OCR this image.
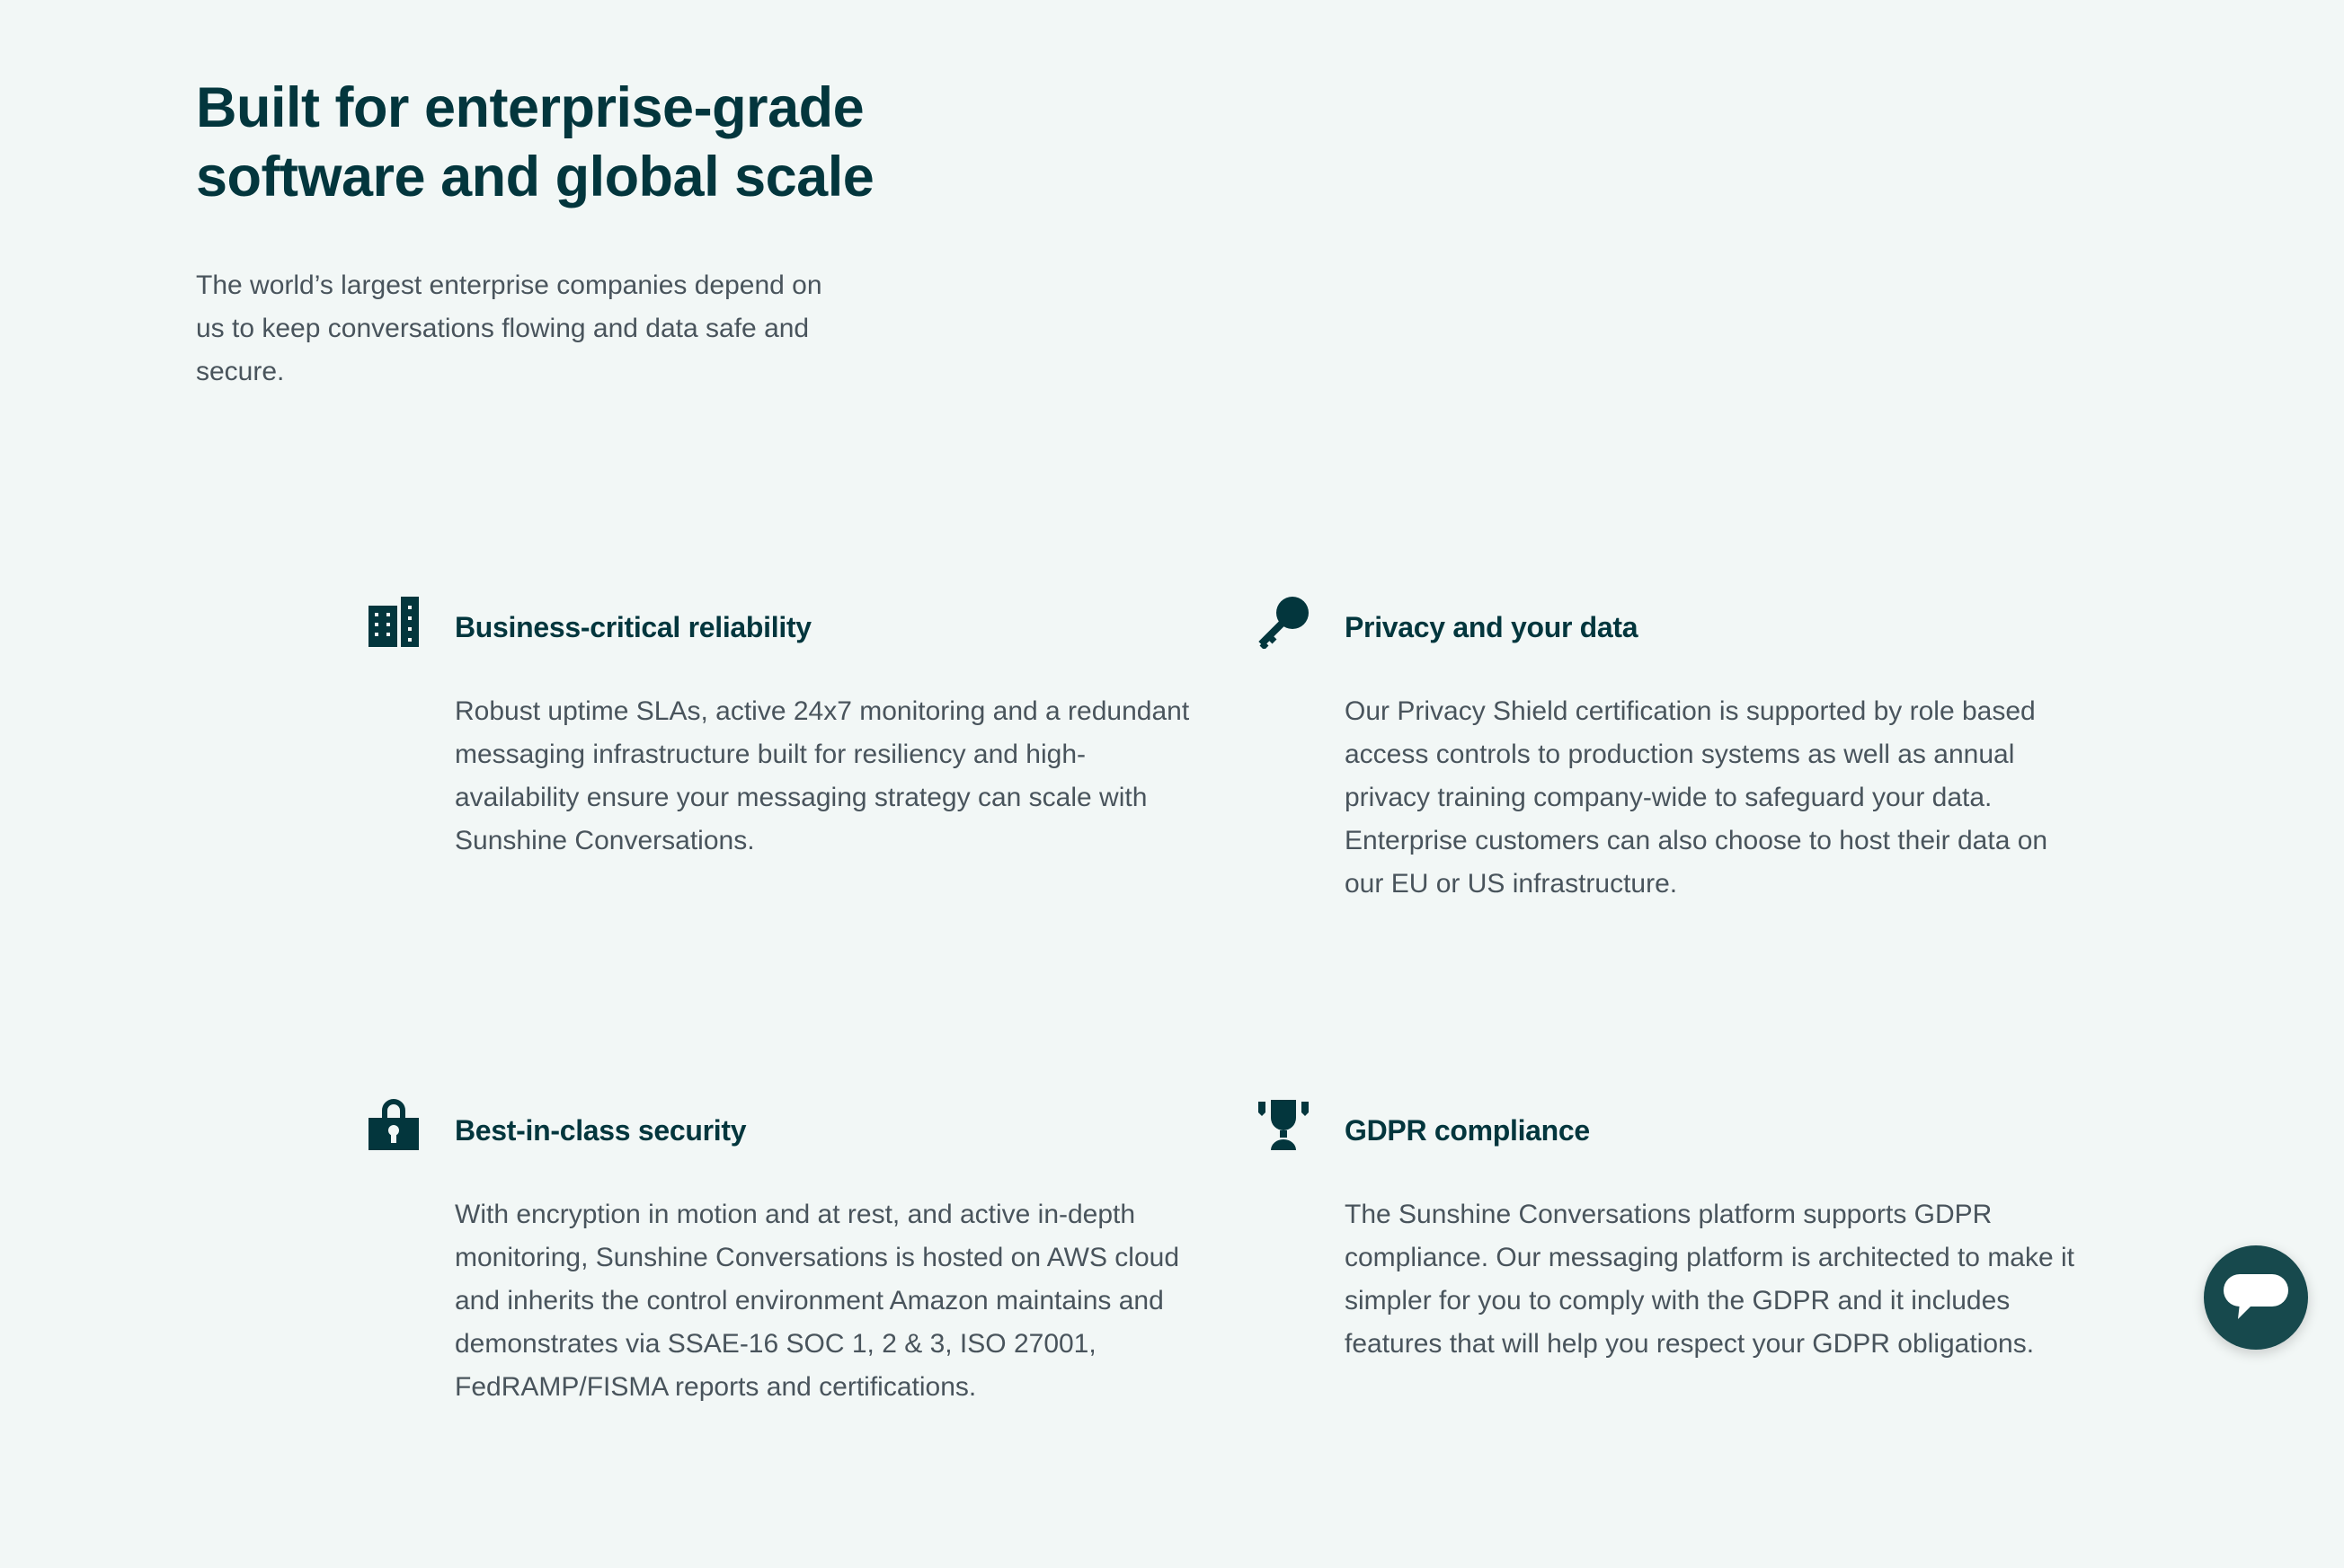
Built for enterprise-grade
software and global scale

The world’s largest enterprise companies depend on us to keep conversations flowing and data safe and secure.

Business-critical reliability

Robust uptime SLAs, active 24x7 monitoring and a redundant messaging infrastructure built for resiliency and high-availability ensure your messaging strategy can scale with Sunshine Conversations.

Privacy and your data

Our Privacy Shield certification is supported by role based access controls to production systems as well as annual privacy training company-wide to safeguard your data. Enterprise customers can also choose to host their data on our EU or US infrastructure.

Best-in-class security

With encryption in motion and at rest, and active in-depth monitoring, Sunshine Conversations is hosted on AWS cloud and inherits the control environment Amazon maintains and demonstrates via SSAE-16 SOC 1, 2 & 3, ISO 27001, FedRAMP/FISMA reports and certifications.

GDPR compliance

The Sunshine Conversations platform supports GDPR compliance. Our messaging platform is architected to make it simpler for you to comply with the GDPR and it includes features that will help you respect your GDPR obligations.
